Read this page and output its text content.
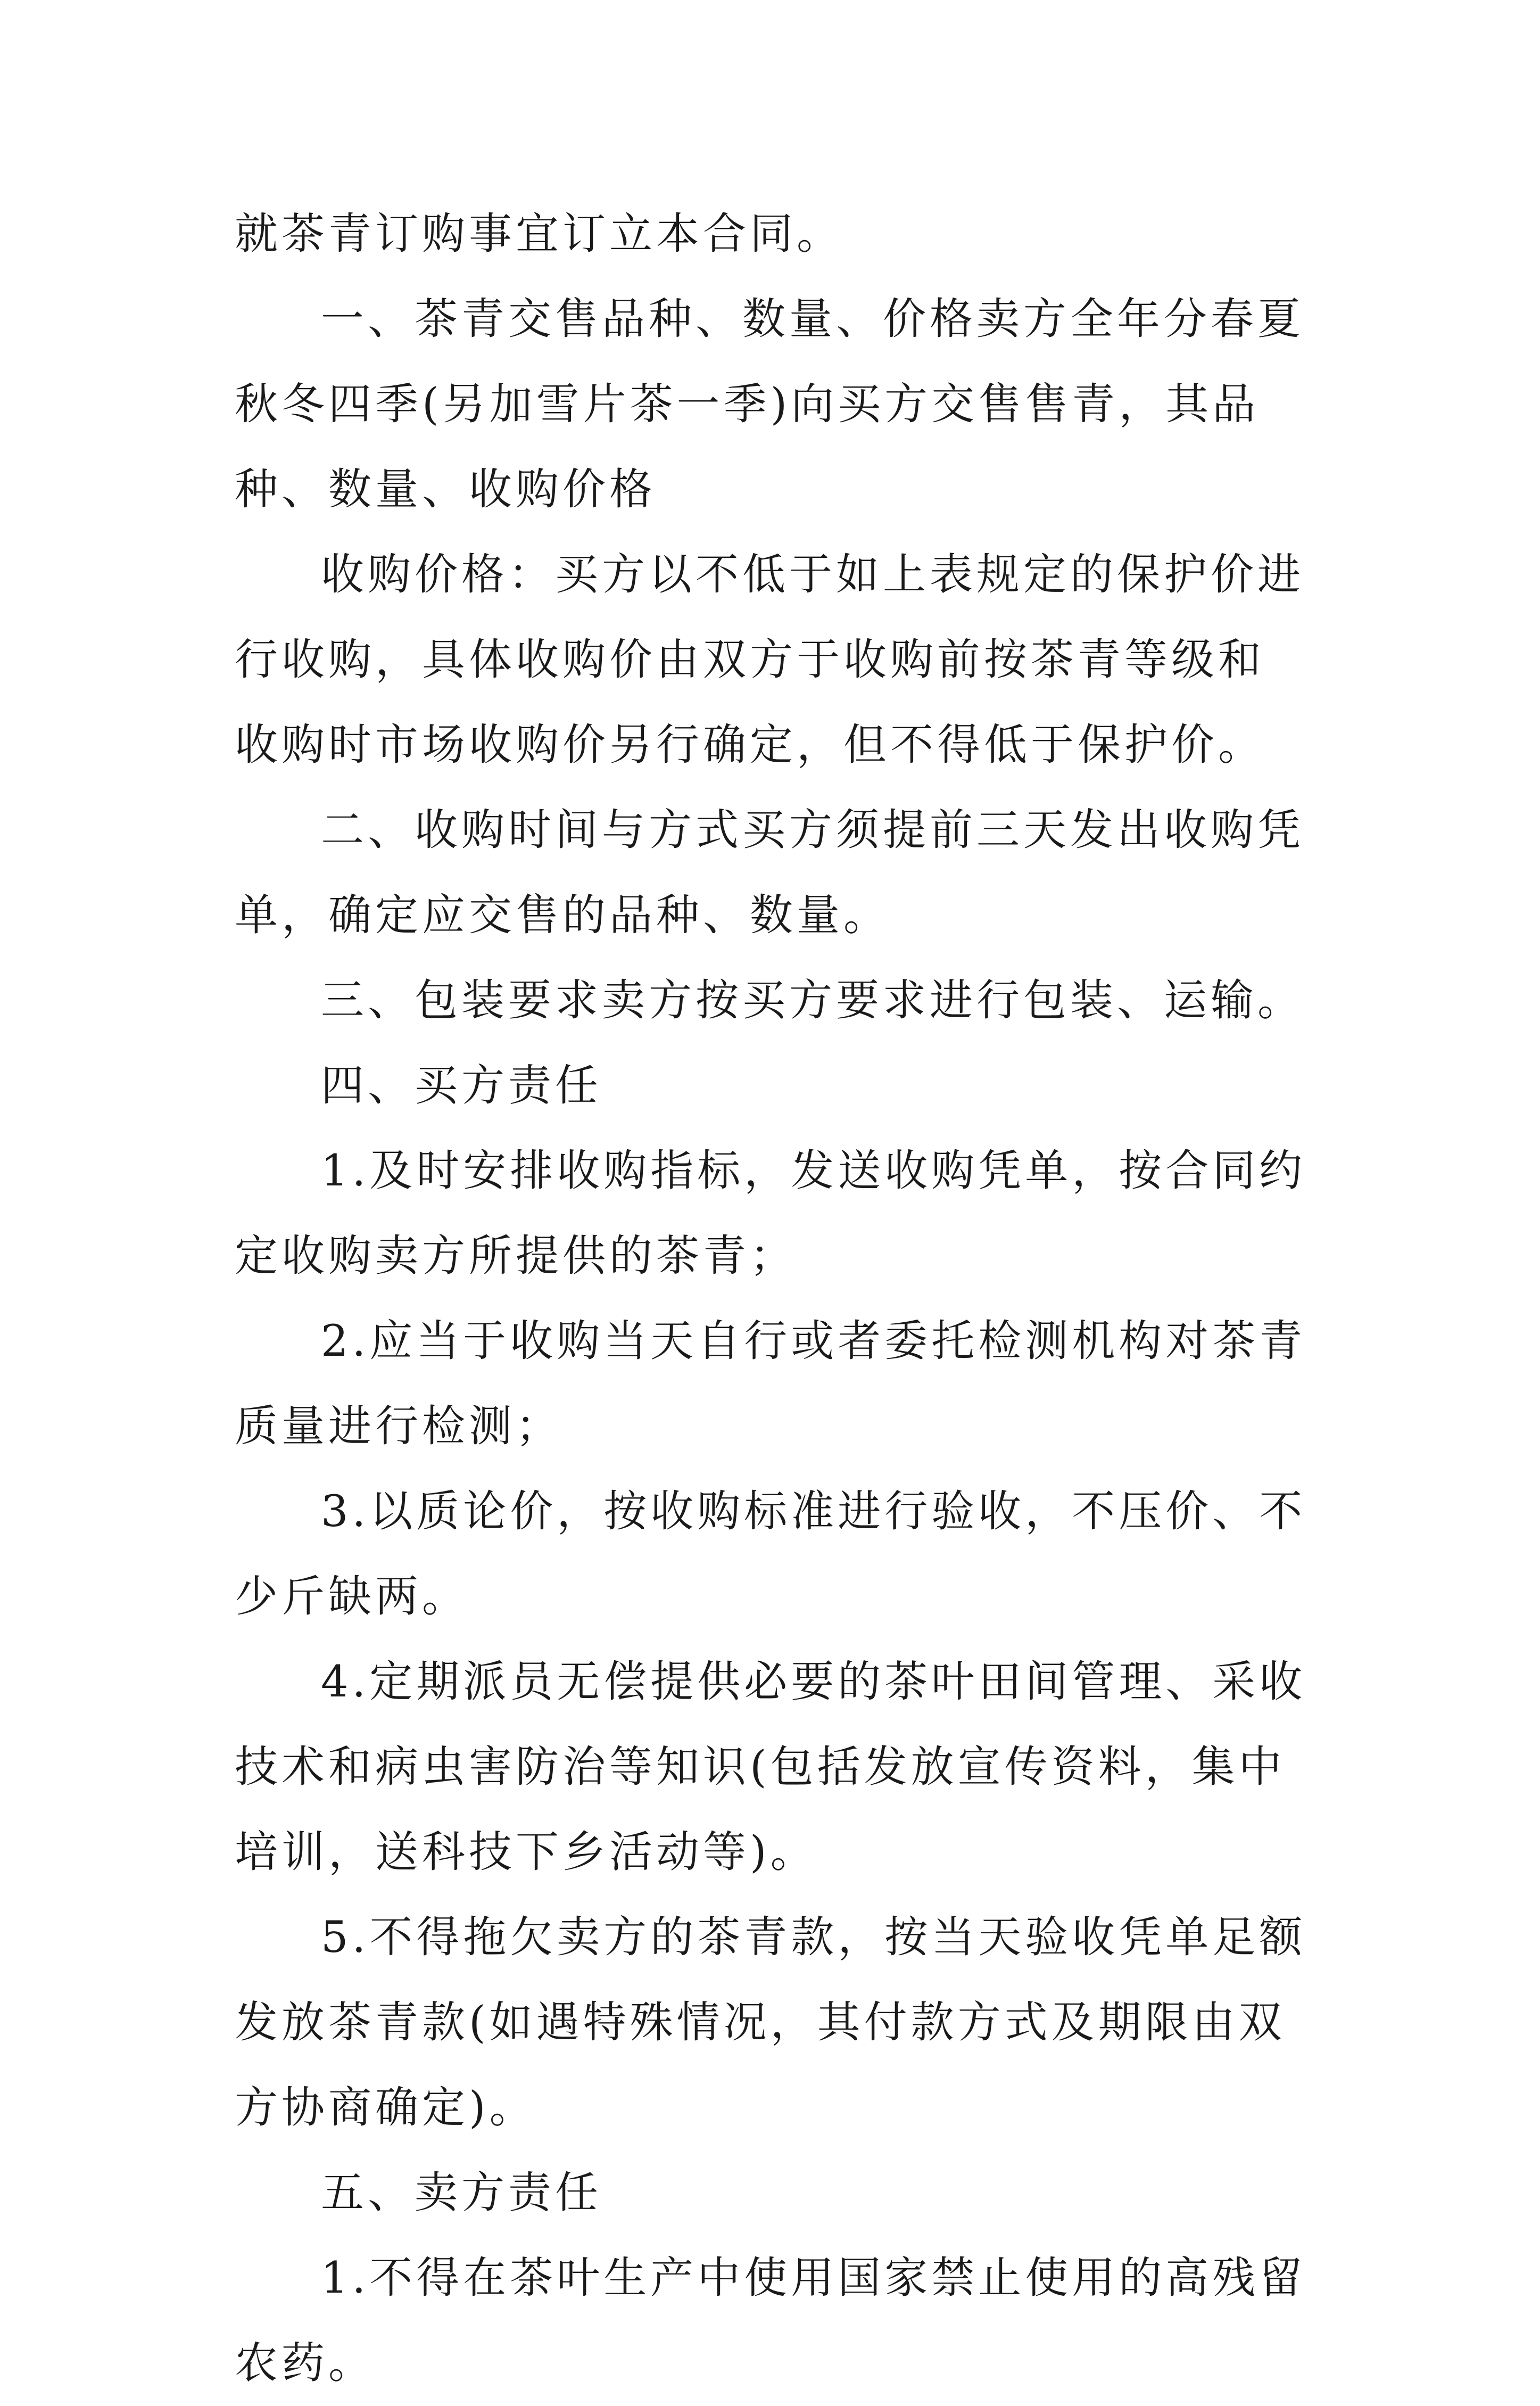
就茶青订购事宜订立本合同。

一、茶青交售品种、数量、价格卖方全年分春夏秋冬四季(另加雪片茶一季)向买方交售售青，其品种、数量、收购价格

收购价格：买方以不低于如上表规定的保护价进行收购，具体收购价由双方于收购前按茶青等级和收购时市场收购价另行确定，但不得低于保护价。

二、收购时间与方式买方须提前三天发出收购凭单，确定应交售的品种、数量。

三、包装要求卖方按买方要求进行包装、运输。

四、买方责任

1.及时安排收购指标，发送收购凭单，按合同约定收购卖方所提供的茶青；

2.应当于收购当天自行或者委托检测机构对茶青质量进行检测；

3.以质论价，按收购标准进行验收，不压价、不少斤缺两。

4.定期派员无偿提供必要的茶叶田间管理、采收技术和病虫害防治等知识(包括发放宣传资料，集中培训，送科技下乡活动等)。

5.不得拖欠卖方的茶青款，按当天验收凭单足额发放茶青款(如遇特殊情况，其付款方式及期限由双方协商确定)。

五、卖方责任

1.不得在茶叶生产中使用国家禁止使用的高残留农药。
